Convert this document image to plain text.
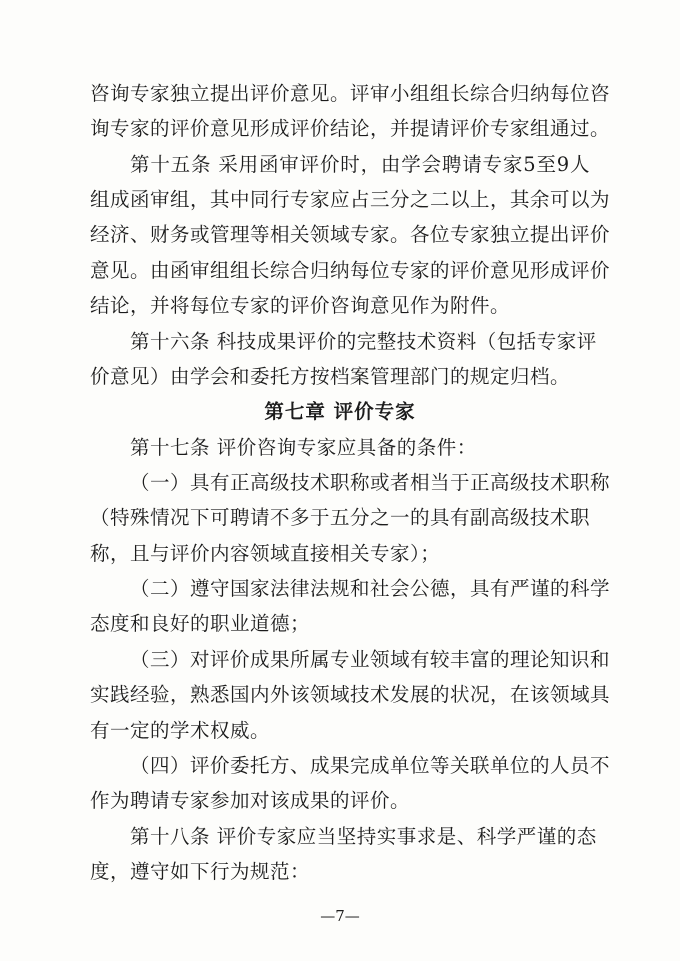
咨询专家独立提出评价意见。评审小组组长综合归纳每位咨
询专家的评价意见形成评价结论，并提请评价专家组通过。
第十五条 采用函审评价时，由学会聘请专家5至9人
组成函审组，其中同行专家应占三分之二以上，其余可以为
经济、财务或管理等相关领域专家。各位专家独立提出评价
意见。由函审组组长综合归纳每位专家的评价意见形成评价
结论，并将每位专家的评价咨询意见作为附件。
第十六条 科技成果评价的完整技术资料（包括专家评
价意见）由学会和委托方按档案管理部门的规定归档。
第七章 评价专家
第十七条 评价咨询专家应具备的条件：
（一）具有正高级技术职称或者相当于正高级技术职称
（特殊情况下可聘请不多于五分之一的具有副高级技术职
称，且与评价内容领域直接相关专家）；
（二）遵守国家法律法规和社会公德，具有严谨的科学
态度和良好的职业道德；
（三）对评价成果所属专业领域有较丰富的理论知识和
实践经验，熟悉国内外该领域技术发展的状况，在该领域具
有一定的学术权威。
（四）评价委托方、成果完成单位等关联单位的人员不
作为聘请专家参加对该成果的评价。
第十八条 评价专家应当坚持实事求是、科学严谨的态
度，遵守如下行为规范：
—7—
